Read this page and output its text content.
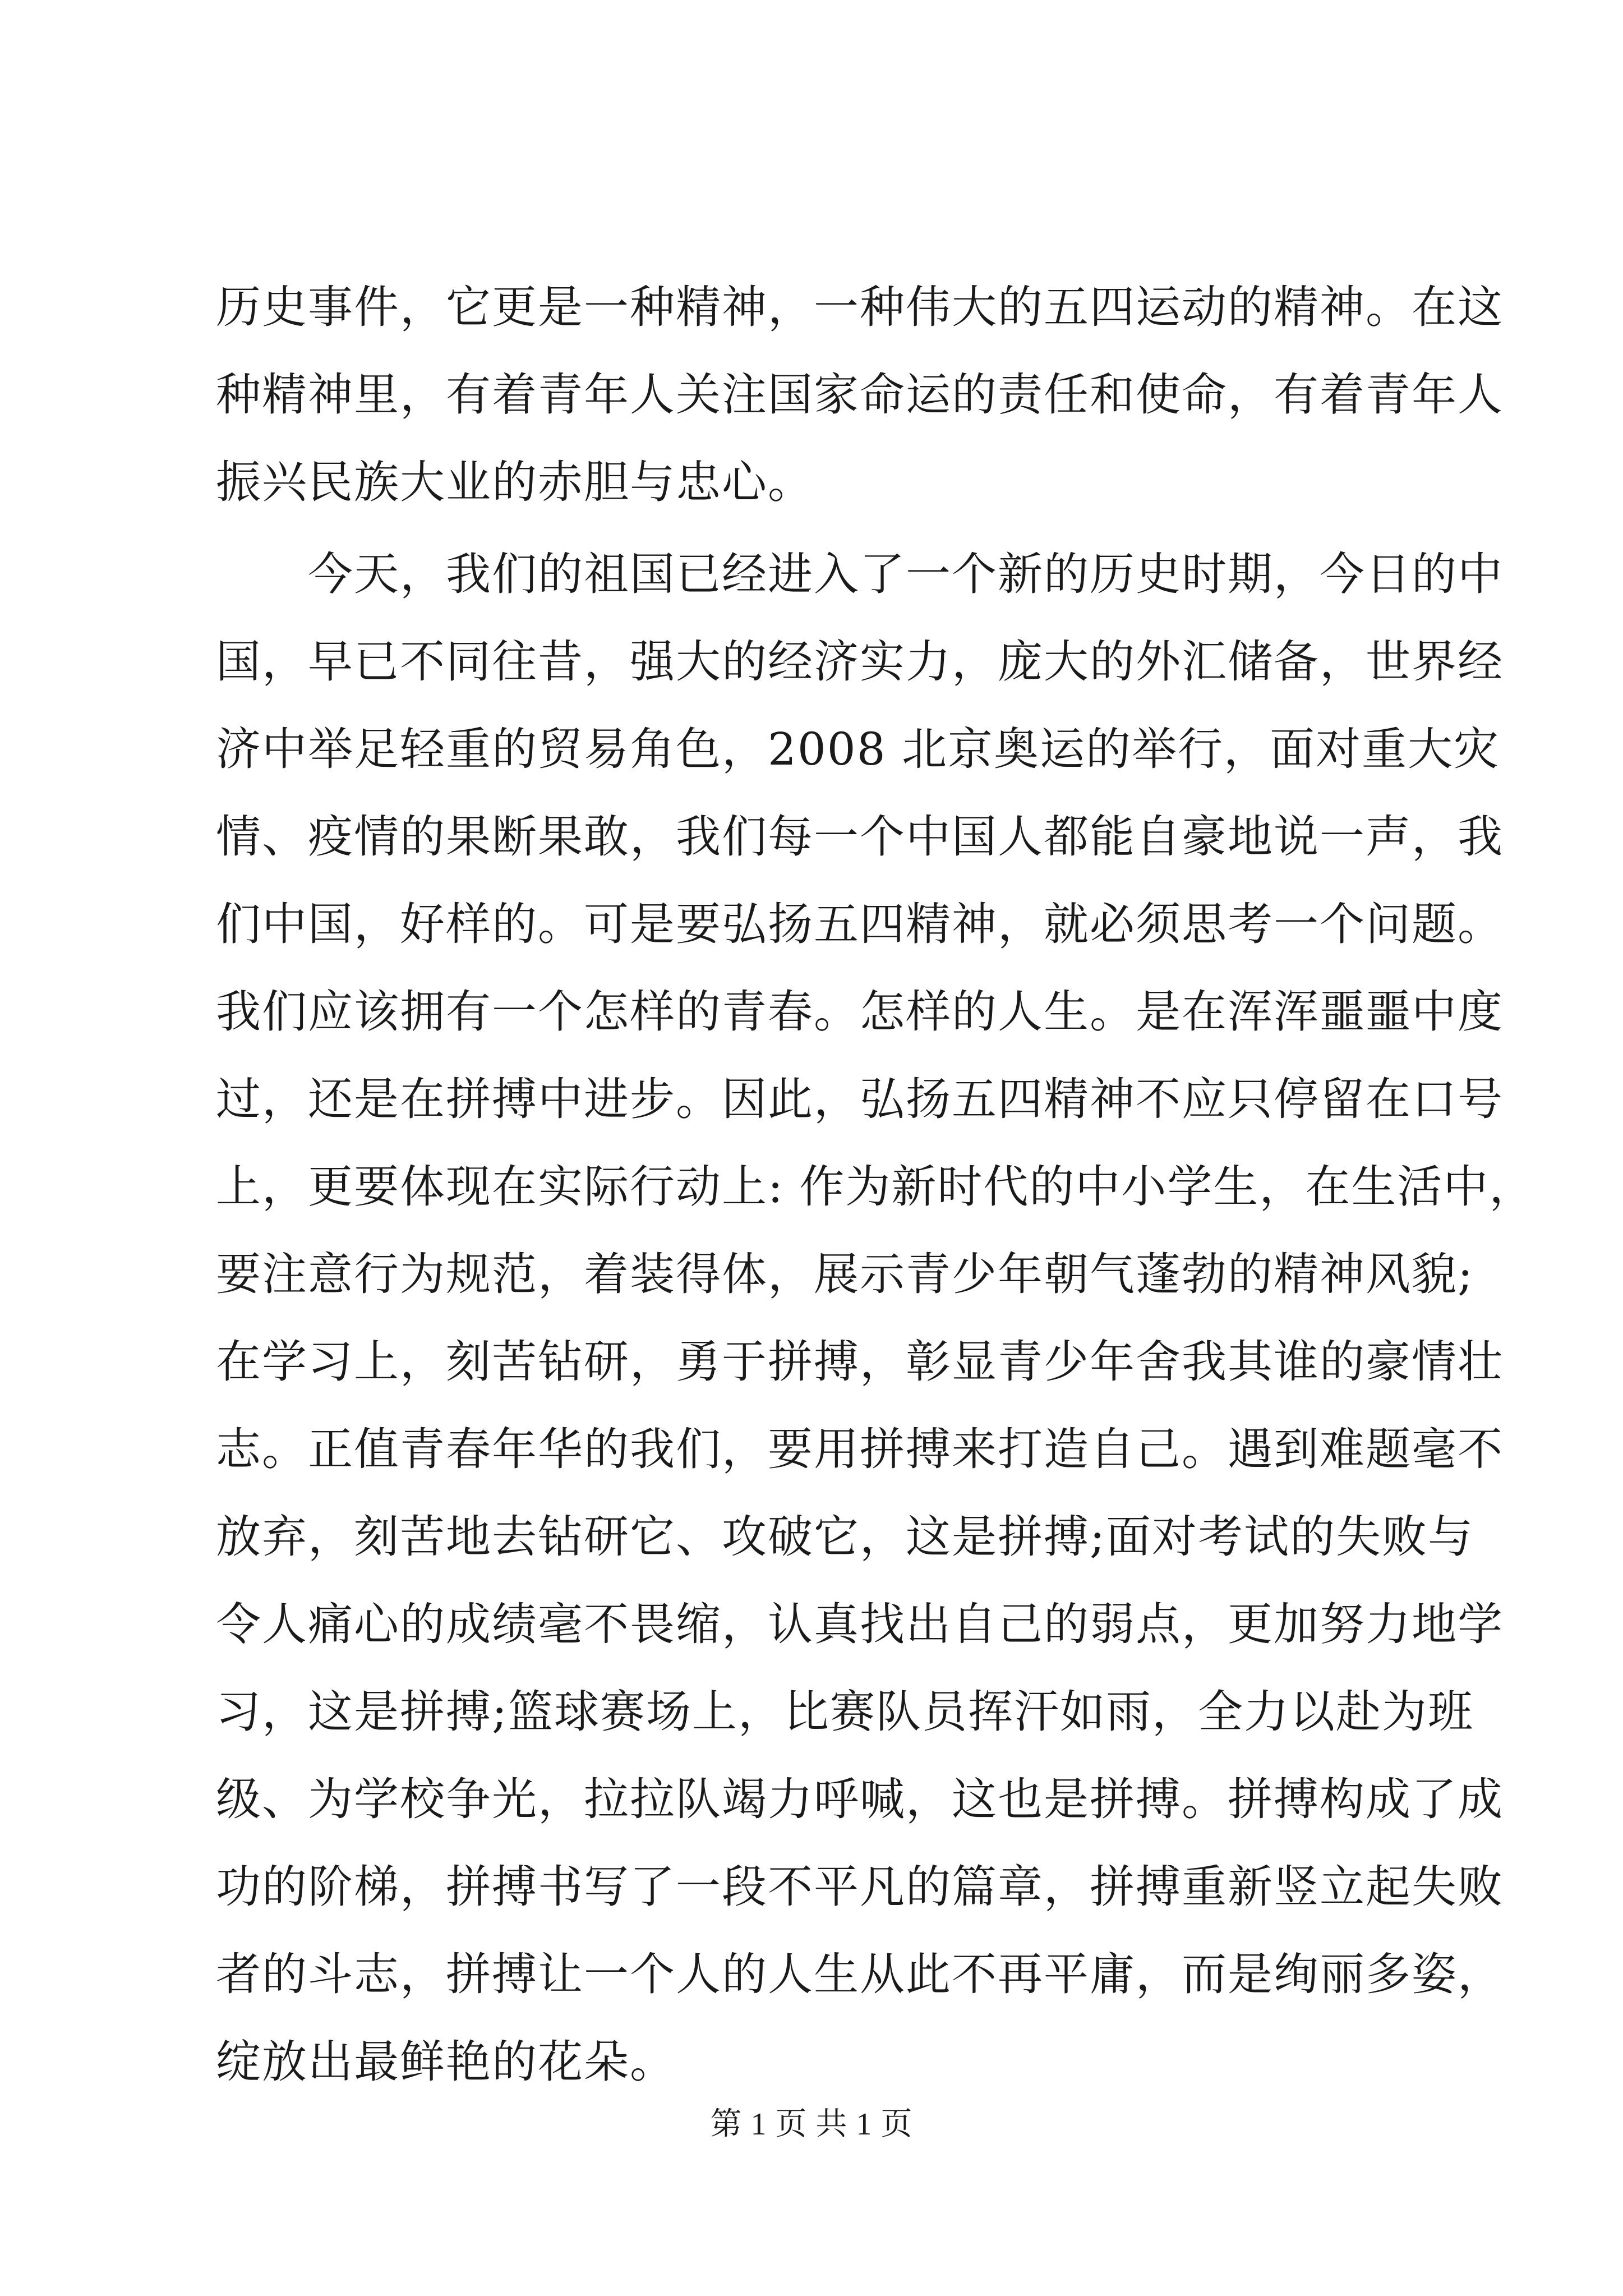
历史事件，它更是一种精神，一种伟大的五四运动的精神。在这
种精神里，有着青年人关注国家命运的责任和使命，有着青年人
振兴民族大业的赤胆与忠心。
　　今天，我们的祖国已经进入了一个新的历史时期，今日的中
国，早已不同往昔，强大的经济实力，庞大的外汇储备，世界经
济中举足轻重的贸易角色，2008 北京奥运的举行，面对重大灾
情、疫情的果断果敢，我们每一个中国人都能自豪地说一声，我
们中国，好样的。可是要弘扬五四精神，就必须思考一个问题。
我们应该拥有一个怎样的青春。怎样的人生。是在浑浑噩噩中度
过，还是在拼搏中进步。因此，弘扬五四精神不应只停留在口号
上，更要体现在实际行动上: 作为新时代的中小学生，在生活中，
要注意行为规范，着装得体，展示青少年朝气蓬勃的精神风貌;
在学习上，刻苦钻研，勇于拼搏，彰显青少年舍我其谁的豪情壮
志。正值青春年华的我们，要用拼搏来打造自己。遇到难题毫不
放弃，刻苦地去钻研它、攻破它，这是拼搏;面对考试的失败与
令人痛心的成绩毫不畏缩，认真找出自己的弱点，更加努力地学
习，这是拼搏;篮球赛场上，比赛队员挥汗如雨，全力以赴为班
级、为学校争光，拉拉队竭力呼喊，这也是拼搏。拼搏构成了成
功的阶梯，拼搏书写了一段不平凡的篇章，拼搏重新竖立起失败
者的斗志，拼搏让一个人的人生从此不再平庸，而是绚丽多姿，
绽放出最鲜艳的花朵。
第 1 页 共 1 页
